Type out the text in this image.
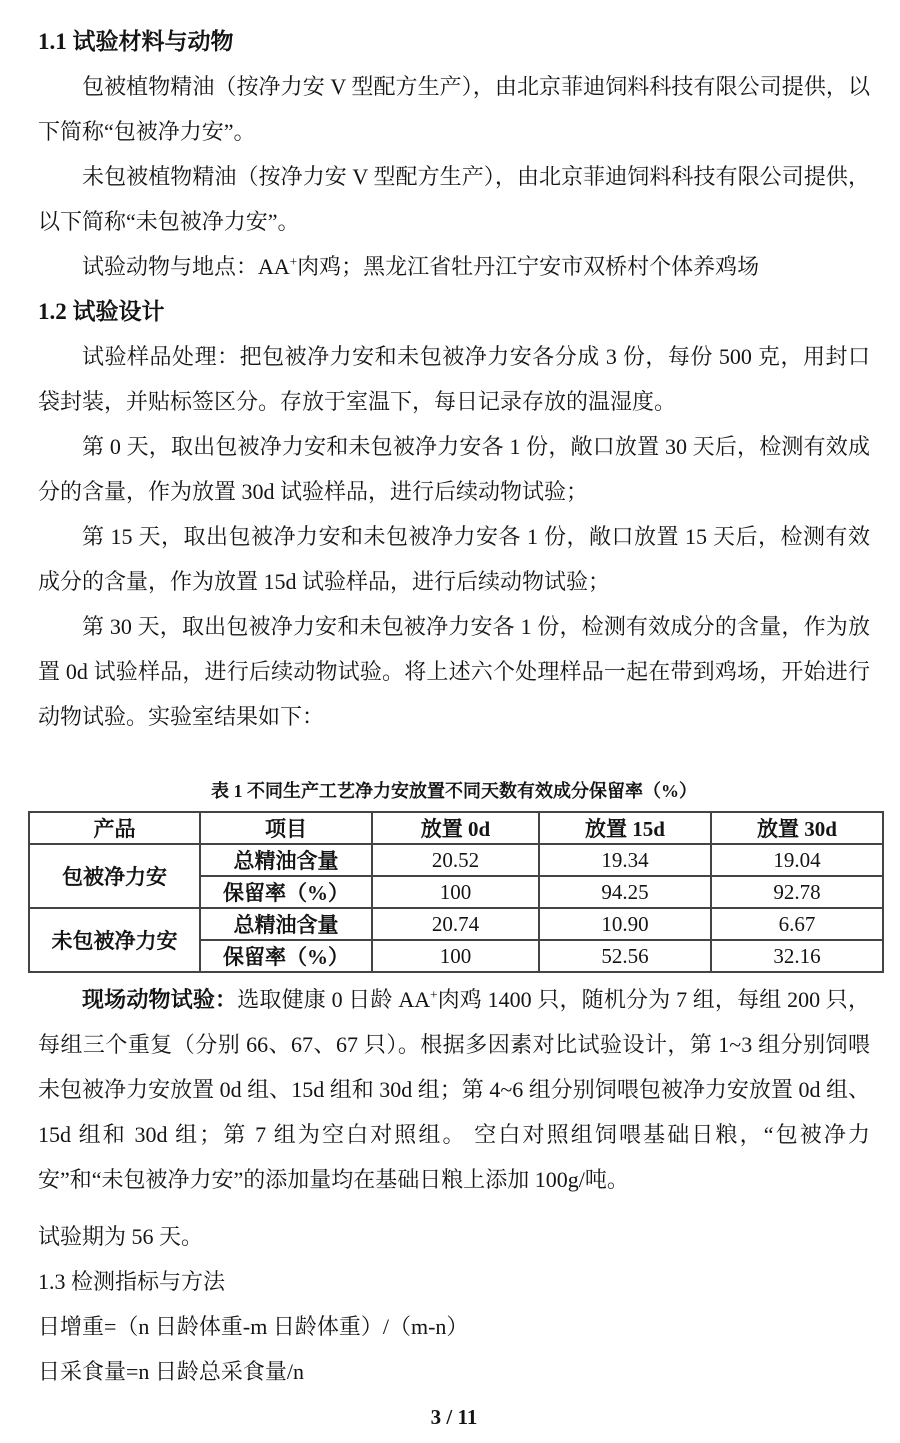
1.1 试验材料与动物

包被植物精油（按净力安 V 型配方生产），由北京菲迪饲料科技有限公司提供，以下简称“包被净力安”。

未包被植物精油（按净力安 V 型配方生产），由北京菲迪饲料科技有限公司提供，以下简称“未包被净力安”。

试验动物与地点：AA+肉鸡；黑龙江省牡丹江宁安市双桥村个体养鸡场

1.2 试验设计

试验样品处理：把包被净力安和未包被净力安各分成 3 份，每份 500 克，用封口袋封装，并贴标签区分。存放于室温下，每日记录存放的温湿度。

第 0 天，取出包被净力安和未包被净力安各 1 份，敞口放置 30 天后，检测有效成分的含量，作为放置 30d 试验样品，进行后续动物试验；

第 15 天，取出包被净力安和未包被净力安各 1 份，敞口放置 15 天后，检测有效成分的含量，作为放置 15d 试验样品，进行后续动物试验；

第 30 天，取出包被净力安和未包被净力安各 1 份，检测有效成分的含量，作为放置 0d 试验样品，进行后续动物试验。将上述六个处理样品一起在带到鸡场，开始进行动物试验。实验室结果如下：

表 1 不同生产工艺净力安放置不同天数有效成分保留率（%）
产品	项目	放置 0d	放置 15d	放置 30d
包被净力安	总精油含量	20.52	19.34	19.04
	保留率（%）	100	94.25	92.78
未包被净力安	总精油含量	20.74	10.90	6.67
	保留率（%）	100	52.56	32.16

现场动物试验：选取健康 0 日龄 AA+肉鸡 1400 只，随机分为 7 组，每组 200 只，每组三个重复（分别 66、67、67 只）。根据多因素对比试验设计，第 1~3 组分别饲喂未包被净力安放置 0d 组、15d 组和 30d 组；第 4~6 组分别饲喂包被净力安放置 0d 组、15d 组和 30d 组；第 7 组为空白对照组。 空白对照组饲喂基础日粮，“包被净力安”和“未包被净力安”的添加量均在基础日粮上添加 100g/吨。

试验期为 56 天。

1.3 检测指标与方法

日增重=（n 日龄体重-m 日龄体重）/（m-n）

日采食量=n 日龄总采食量/n

3 / 11
